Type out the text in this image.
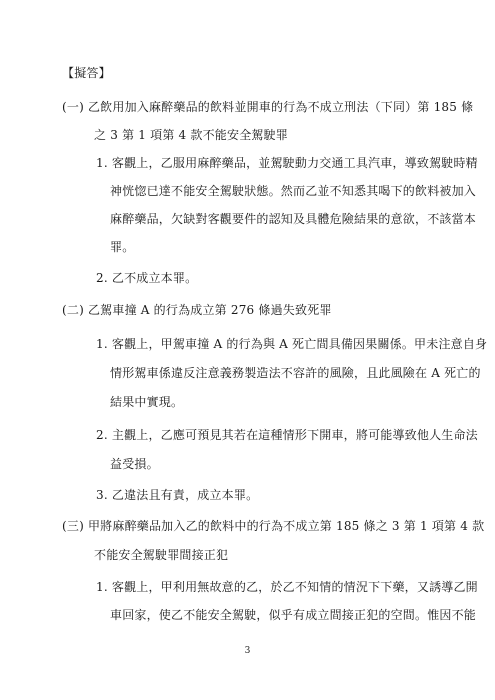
【擬答】
(一) 乙飲用加入麻醉藥品的飲料並開車的行為不成立刑法（下同）第 185 條
之 3 第 1 項第 4 款不能安全駕駛罪
1. 客觀上，乙服用麻醉藥品，並駕駛動力交通工具汽車，導致駕駛時精
神恍惚已達不能安全駕駛狀態。然而乙並不知悉其喝下的飲料被加入
麻醉藥品，欠缺對客觀要件的認知及具體危險結果的意欲，不該當本
罪。
2. 乙不成立本罪。
(二) 乙駕車撞 A 的行為成立第 276 條過失致死罪
1. 客觀上，甲駕車撞 A 的行為與 A 死亡間具備因果關係。甲未注意自身
情形駕車係違反注意義務製造法不容許的風險，且此風險在 A 死亡的
結果中實現。
2. 主觀上，乙應可預見其若在這種情形下開車，將可能導致他人生命法
益受損。
3. 乙違法且有責，成立本罪。
(三) 甲將麻醉藥品加入乙的飲料中的行為不成立第 185 條之 3 第 1 項第 4 款
不能安全駕駛罪間接正犯
1. 客觀上，甲利用無故意的乙，於乙不知情的情況下下藥，又誘導乙開
車回家，使乙不能安全駕駛，似乎有成立間接正犯的空間。惟因不能
3
